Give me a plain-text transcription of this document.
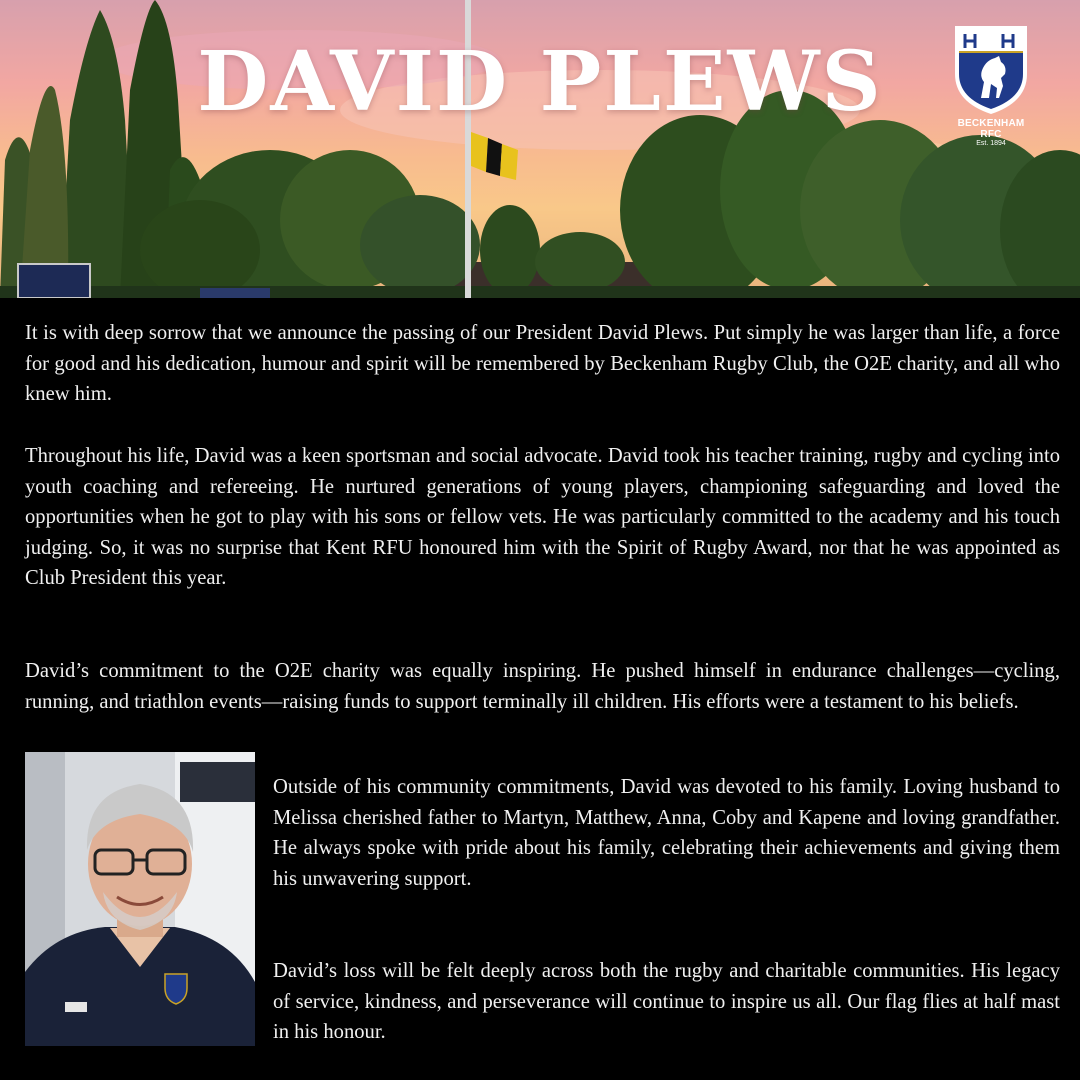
DAVID PLEWS	BECKENHAM RFC
Est. 1894

It is with deep sorrow that we announce the passing of our President David Plews. Put simply he was larger than life, a force for good and his dedication, humour and spirit will be remembered by Beckenham Rugby Club, the O2E charity, and all who knew him.

Throughout his life, David was a keen sportsman and social advocate. David took his teacher training, rugby and cycling into youth coaching and refereeing. He nurtured generations of young players, championing safeguarding and loved the opportunities when he got to play with his sons or fellow vets. He was particularly committed to the academy and his touch judging. So, it was no surprise that Kent RFU honoured him with the Spirit of Rugby Award, nor that he was appointed as Club President this year.

David’s commitment to the O2E charity was equally inspiring. He pushed himself in endurance challenges—cycling, running, and triathlon events—raising funds to support terminally ill children. His efforts were a testament to his beliefs.

Outside of his community commitments, David was devoted to his family. Loving husband to Melissa cherished father to Martyn, Matthew, Anna, Coby and Kapene and loving grandfather. He always spoke with pride about his family, celebrating their achievements and giving them his unwavering support.

David’s loss will be felt deeply across both the rugby and charitable communities. His legacy of service, kindness, and perseverance will continue to inspire us all. Our flag flies at half mast in his honour.
